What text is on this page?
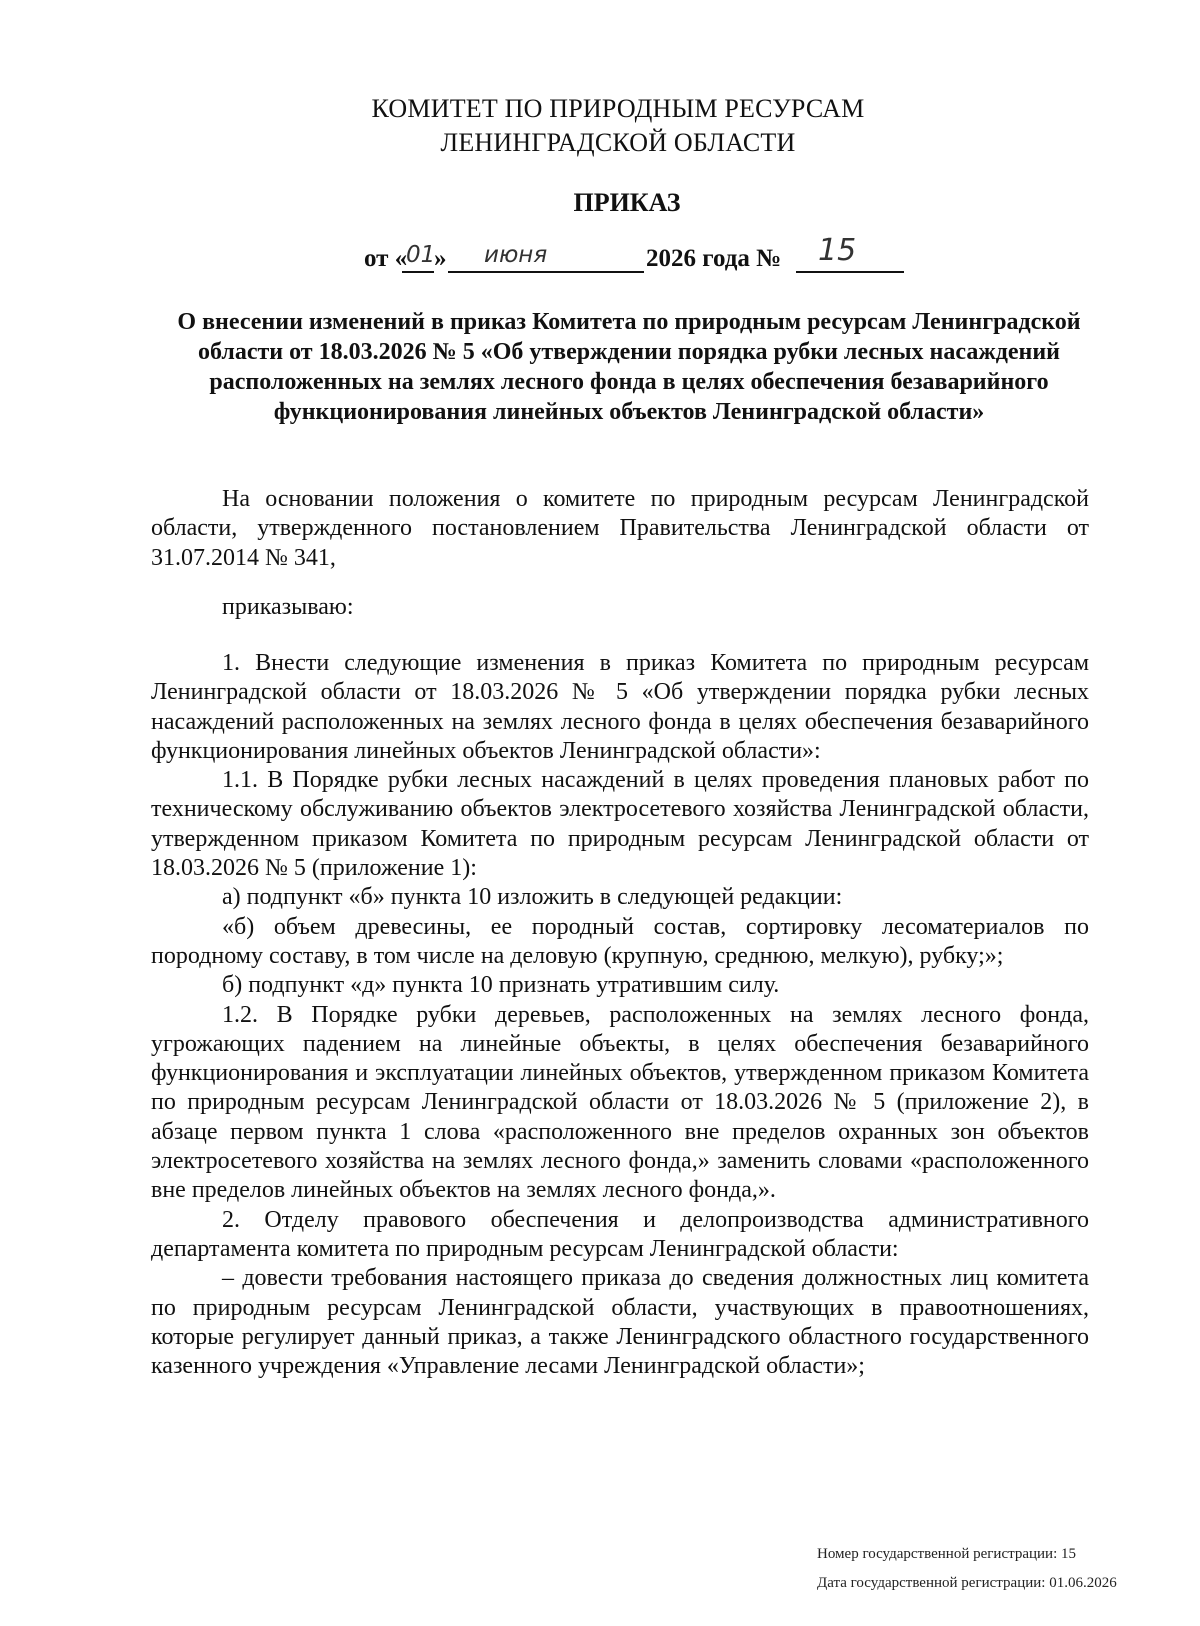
КОМИТЕТ ПО ПРИРОДНЫМ РЕСУРСАМ
ЛЕНИНГРАДСКОЙ ОБЛАСТИ
ПРИКАЗ
от «
01
» июня	2026 года № 15
О внесении изменений в приказ Комитета по природным ресурсам Ленинградской области от 18.03.2026 № 5 «Об утверждении порядка рубки лесных насаждений расположенных на землях лесного фонда в целях обеспечения безаварийного функционирования линейных объектов Ленинградской области»

На основании положения о комитете по природным ресурсам Ленинградской области, утвержденного постановлением Правительства Ленинградской области от 31.07.2014 № 341,

приказываю:

1. Внести следующие изменения в приказ Комитета по природным ресурсам Ленинградской области от 18.03.2026 № 5 «Об утверждении порядка рубки лесных насаждений расположенных на землях лесного фонда в целях обеспечения безаварийного функционирования линейных объектов Ленинградской области»:

1.1. В Порядке рубки лесных насаждений в целях проведения плановых работ по техническому обслуживанию объектов электросетевого хозяйства Ленинградской области, утвержденном приказом Комитета по природным ресурсам Ленинградской области от 18.03.2026 № 5 (приложение 1):

а) подпункт «б» пункта 10 изложить в следующей редакции:

«б) объем древесины, ее породный состав, сортировку лесоматериалов по породному составу, в том числе на деловую (крупную, среднюю, мелкую), рубку;»;

б) подпункт «д» пункта 10 признать утратившим силу.

1.2. В Порядке рубки деревьев, расположенных на землях лесного фонда, угрожающих падением на линейные объекты, в целях обеспечения безаварийного функционирования и эксплуатации линейных объектов, утвержденном приказом Комитета по природным ресурсам Ленинградской области от 18.03.2026 № 5 (приложение 2), в абзаце первом пункта 1 слова «расположенного вне пределов охранных зон объектов электросетевого хозяйства на землях лесного фонда,» заменить словами «расположенного вне пределов линейных объектов на землях лесного фонда,».

2. Отделу правового обеспечения и делопроизводства административного департамента комитета по природным ресурсам Ленинградской области:

– довести требования настоящего приказа до сведения должностных лиц комитета по природным ресурсам Ленинградской области, участвующих в правоотношениях, которые регулирует данный приказ, а также Ленинградского областного государственного казенного учреждения «Управление лесами Ленинградской области»;

Номер государственной регистрации: 15
Дата государственной регистрации: 01.06.2026
